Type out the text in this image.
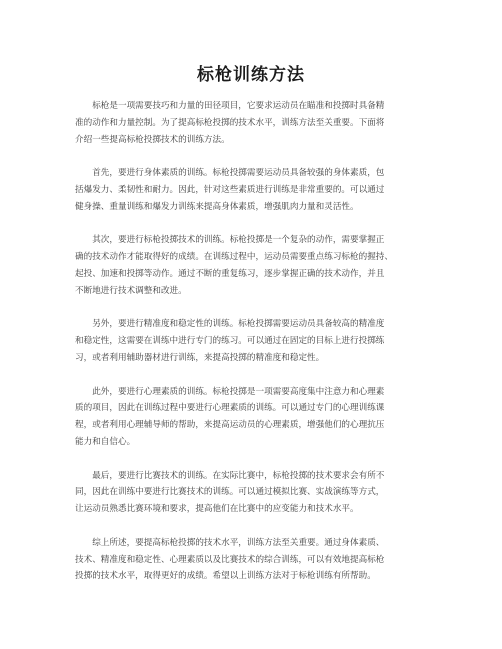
标枪训练方法

　　标枪是一项需要技巧和力量的田径项目，它要求运动员在瞄准和投掷时具备精
准的动作和力量控制。为了提高标枪投掷的技术水平，训练方法至关重要。下面将
介绍一些提高标枪投掷技术的训练方法。

　　首先，要进行身体素质的训练。标枪投掷需要运动员具备较强的身体素质，包
括爆发力、柔韧性和耐力。因此，针对这些素质进行训练是非常重要的。可以通过
健身操、重量训练和爆发力训练来提高身体素质，增强肌肉力量和灵活性。

　　其次，要进行标枪投掷技术的训练。标枪投掷是一个复杂的动作，需要掌握正
确的技术动作才能取得好的成绩。在训练过程中，运动员需要重点练习标枪的握持、
起投、加速和投掷等动作。通过不断的重复练习，逐步掌握正确的技术动作，并且
不断地进行技术调整和改进。

　　另外，要进行精准度和稳定性的训练。标枪投掷需要运动员具备较高的精准度
和稳定性，这需要在训练中进行专门的练习。可以通过在固定的目标上进行投掷练
习，或者利用辅助器材进行训练，来提高投掷的精准度和稳定性。

　　此外，要进行心理素质的训练。标枪投掷是一项需要高度集中注意力和心理素
质的项目，因此在训练过程中要进行心理素质的训练。可以通过专门的心理训练课
程，或者利用心理辅导师的帮助，来提高运动员的心理素质，增强他们的心理抗压
能力和自信心。

　　最后，要进行比赛技术的训练。在实际比赛中，标枪投掷的技术要求会有所不
同，因此在训练中要进行比赛技术的训练。可以通过模拟比赛、实战演练等方式，
让运动员熟悉比赛环境和要求，提高他们在比赛中的应变能力和技术水平。

　　综上所述，要提高标枪投掷的技术水平，训练方法至关重要。通过身体素质、
技术、精准度和稳定性、心理素质以及比赛技术的综合训练，可以有效地提高标枪
投掷的技术水平，取得更好的成绩。希望以上训练方法对于标枪训练有所帮助。
